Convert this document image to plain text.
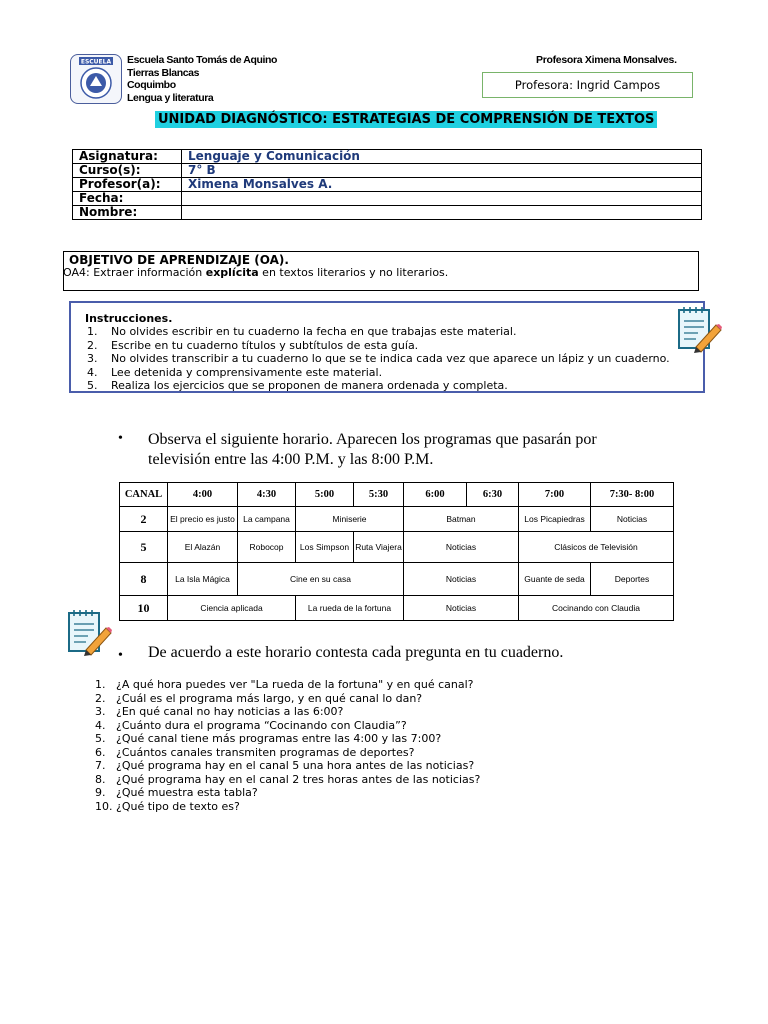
ESCUELA Escuela Santo Tomás de Aquino
Tierras Blancas
Coquimbo
Lengua y literatura
Profesora Ximena Monsalves.
Profesora: Ingrid Campos
UNIDAD DIAGNÓSTICO: ESTRATEGIAS DE COMPRENSIÓN DE TEXTOS
Asignatura:	Lenguaje y Comunicación
Curso(s):	7° B
Profesor(a):	Ximena Monsalves A.
Fecha:	
Nombre:	
OBJETIVO DE APRENDIZAJE (OA).
OA4: Extraer información explícita en textos literarios y no literarios.
Instrucciones.
1. No olvides escribir en tu cuaderno la fecha en que trabajas este material.
2. Escribe en tu cuaderno títulos y subtítulos de esta guía.
3. No olvides transcribir a tu cuaderno lo que se te indica cada vez que aparece un lápiz y un cuaderno.
4. Lee detenida y comprensivamente este material.
5. Realiza los ejercicios que se proponen de manera ordenada y completa.
• Observa el siguiente horario. Aparecen los programas que pasarán por
televisión entre las 4:00 P.M. y las 8:00 P.M.
CANAL	4:00	4:30	5:00	5:30	6:00	6:30	7:00	7:30- 8:00
2	El precio es justo	La campana	Miniserie		Batman		Los Picapiedras	Noticias
5	El Alazán	Robocop	Los Simpson	Ruta Viajera	Noticias		Clásicos de Televisión	
8	La Isla Mágica	Cine en su casa			Noticias		Guante de seda	Deportes
10	Ciencia aplicada		La rueda de la fortuna		Noticias		Cocinando con Claudia	
• De acuerdo a este horario contesta cada pregunta en tu cuaderno.
1. ¿A qué hora puedes ver "La rueda de la fortuna" y en qué canal?
2. ¿Cuál es el programa más largo, y en qué canal lo dan?
3. ¿En qué canal no hay noticias a las 6:00?
4. ¿Cuánto dura el programa “Cocinando con Claudia”?
5. ¿Qué canal tiene más programas entre las 4:00 y las 7:00?
6. ¿Cuántos canales transmiten programas de deportes?
7. ¿Qué programa hay en el canal 5 una hora antes de las noticias?
8. ¿Qué programa hay en el canal 2 tres horas antes de las noticias?
9. ¿Qué muestra esta tabla?
10. ¿Qué tipo de texto es?
